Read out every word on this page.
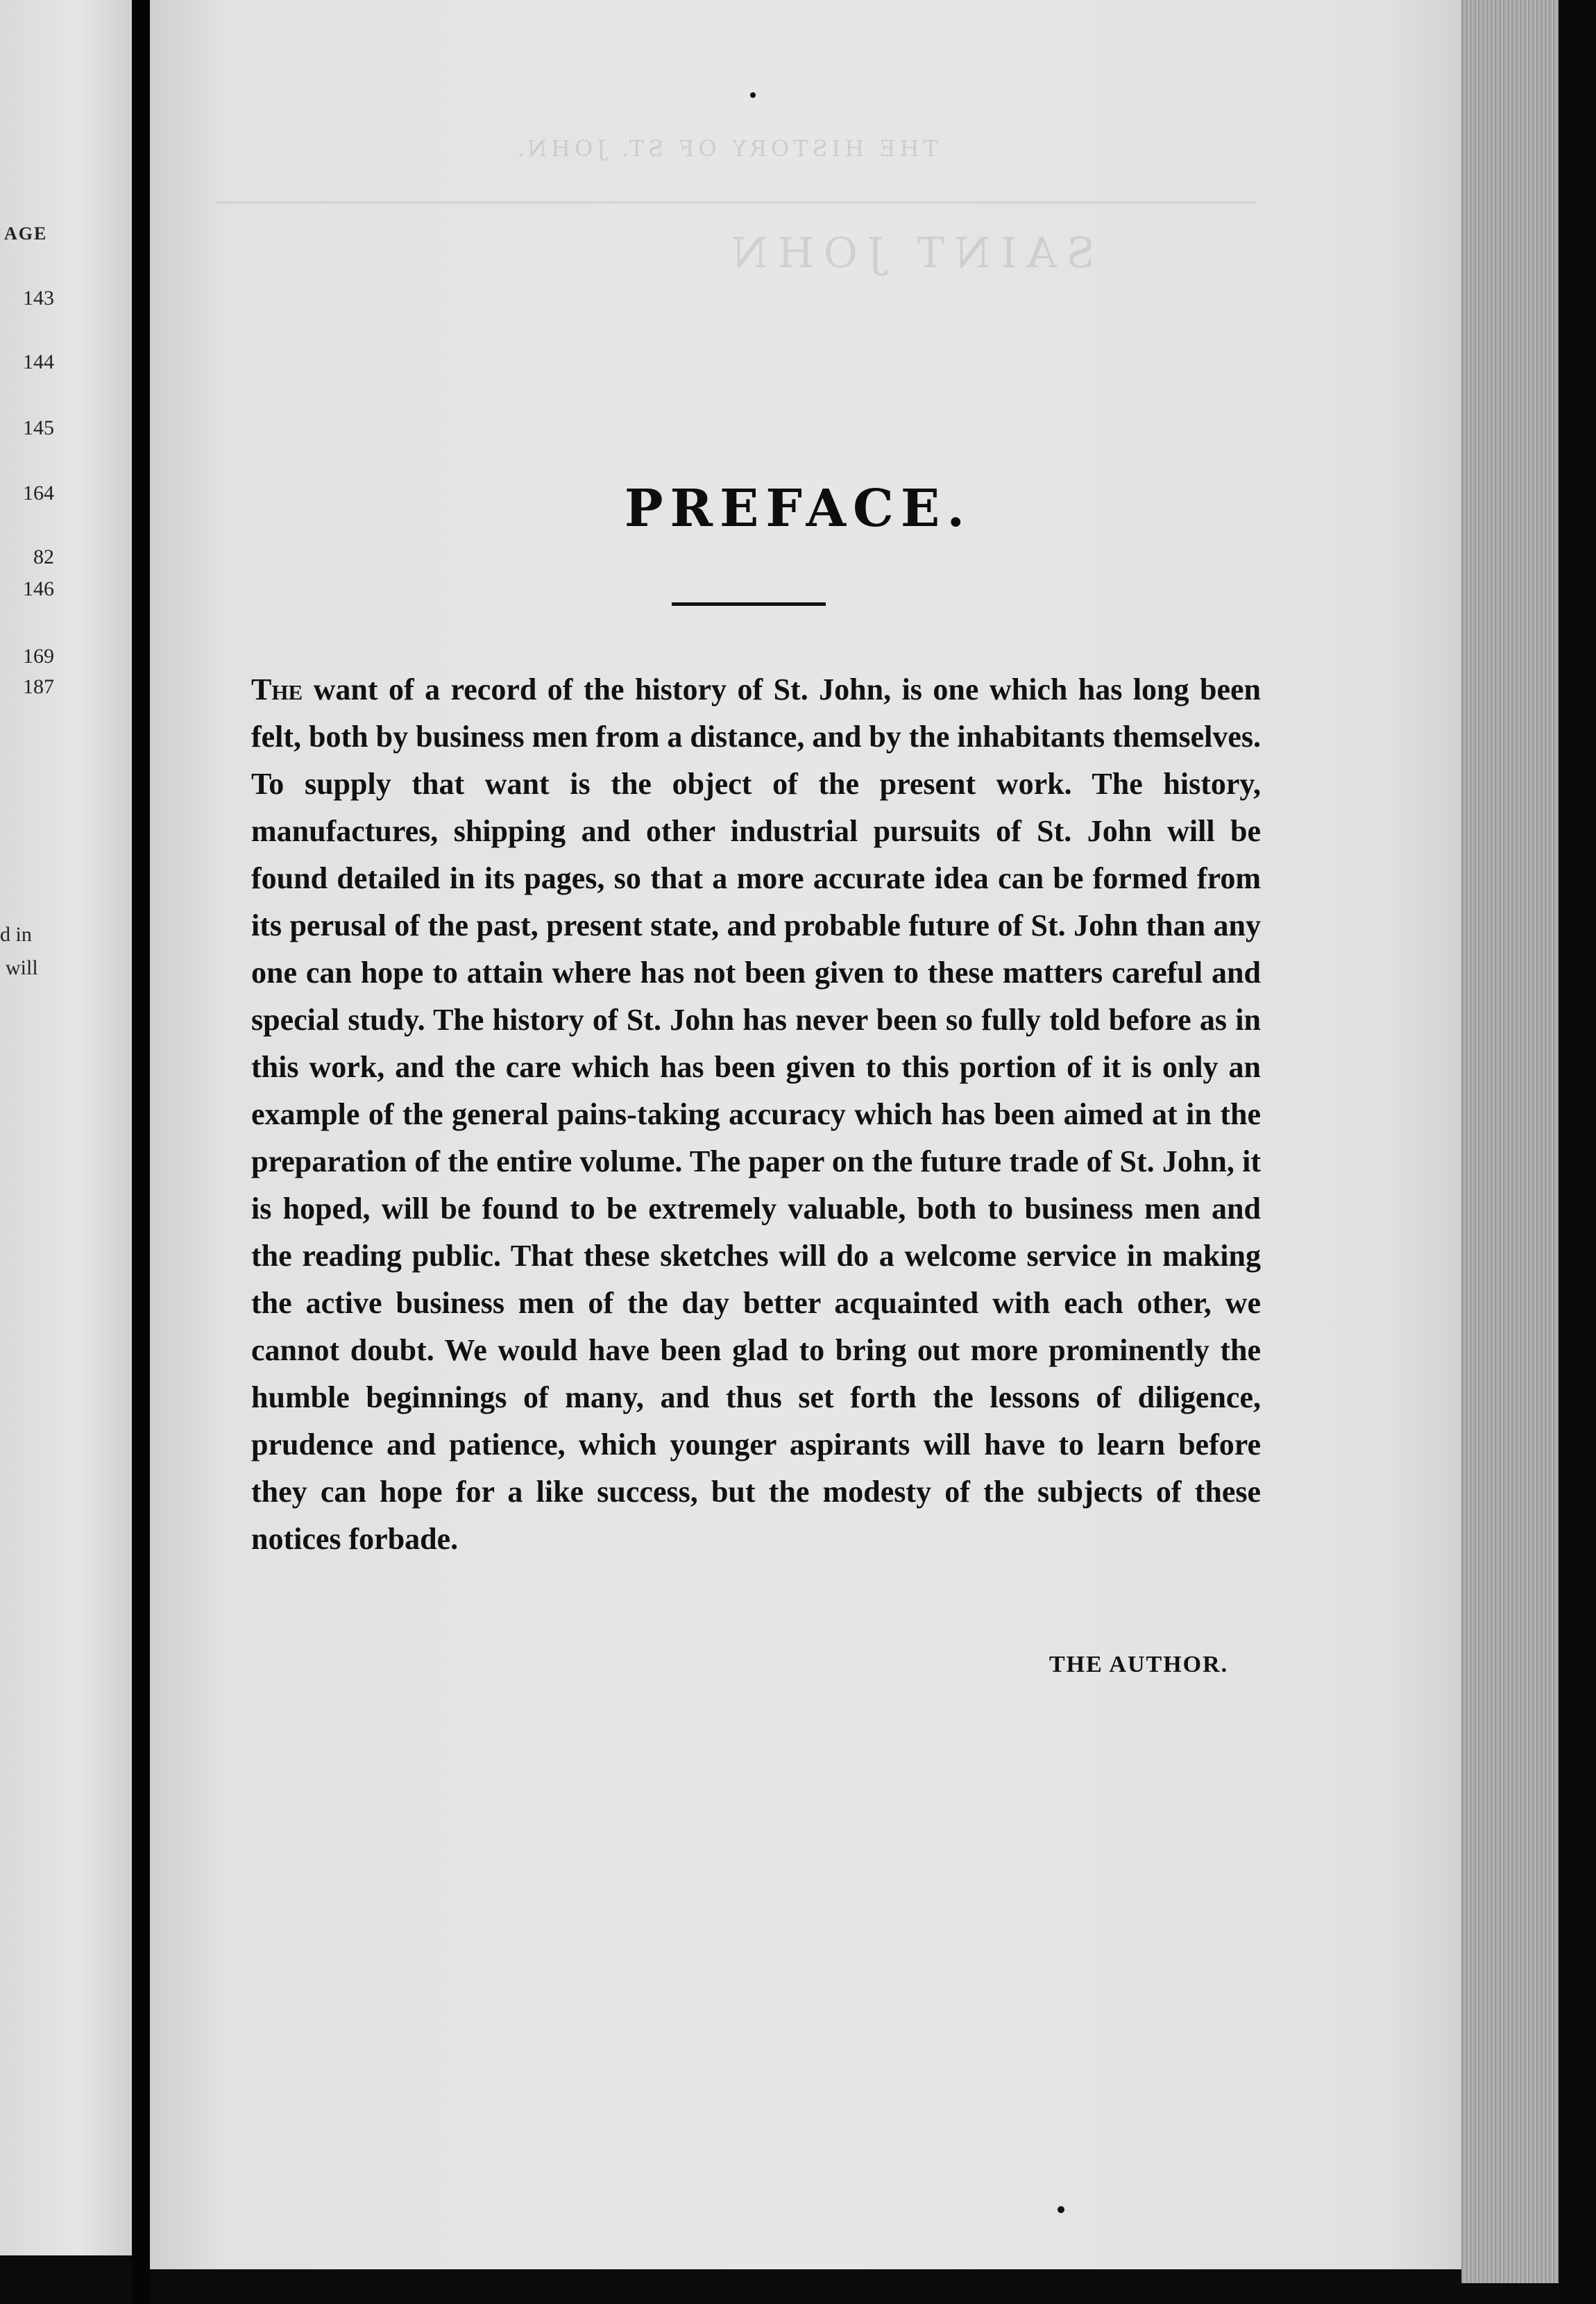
AGE
143
144
145
164
82
146
169
187
d in
will
THE HISTORY OF ST. JOHN.
SAINT JOHN
PREFACE.
The want of a record of the history of St. John, is one which has long been felt, both by business men from a distance, and by the inhabitants themselves. To supply that want is the object of the present work. The history, manufactures, shipping and other industrial pursuits of St. John will be found detailed in its pages, so that a more accurate idea can be formed from its perusal of the past, present state, and probable future of St. John than any one can hope to attain where has not been given to these matters careful and special study. The history of St. John has never been so fully told before as in this work, and the care which has been given to this portion of it is only an example of the general pains-taking accuracy which has been aimed at in the preparation of the entire volume. The paper on the future trade of St. John, it is hoped, will be found to be extremely valuable, both to business men and the reading public. That these sketches will do a welcome service in making the active business men of the day better acquainted with each other, we cannot doubt. We would have been glad to bring out more prominently the humble beginnings of many, and thus set forth the lessons of diligence, prudence and patience, which younger aspirants will have to learn before they can hope for a like success, but the modesty of the subjects of these notices forbade.
THE AUTHOR.
